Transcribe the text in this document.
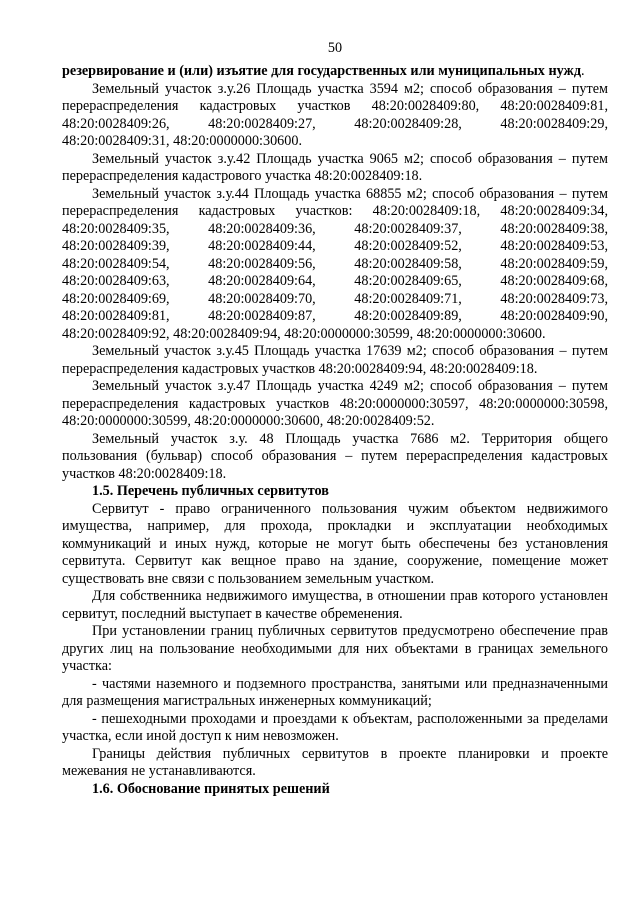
50

резервирование и (или) изъятие для государственных или муниципальных нужд.

Земельный участок з.у.26 Площадь участка 3594 м2; способ образования – путем перераспределения кадастровых участков 48:20:0028409:80, 48:20:0028409:81, 48:20:0028409:26, 48:20:0028409:27, 48:20:0028409:28, 48:20:0028409:29, 48:20:0028409:31, 48:20:0000000:30600.

Земельный участок з.у.42 Площадь участка 9065 м2; способ образования – путем перераспределения кадастрового участка 48:20:0028409:18.

Земельный участок з.у.44 Площадь участка 68855 м2; способ образования – путем перераспределения кадастровых участков: 48:20:0028409:18, 48:20:0028409:34, 48:20:0028409:35, 48:20:0028409:36, 48:20:0028409:37, 48:20:0028409:38, 48:20:0028409:39, 48:20:0028409:44, 48:20:0028409:52, 48:20:0028409:53, 48:20:0028409:54, 48:20:0028409:56, 48:20:0028409:58, 48:20:0028409:59, 48:20:0028409:63, 48:20:0028409:64, 48:20:0028409:65, 48:20:0028409:68, 48:20:0028409:69, 48:20:0028409:70, 48:20:0028409:71, 48:20:0028409:73, 48:20:0028409:81, 48:20:0028409:87, 48:20:0028409:89, 48:20:0028409:90, 48:20:0028409:92, 48:20:0028409:94, 48:20:0000000:30599, 48:20:0000000:30600.

Земельный участок з.у.45 Площадь участка 17639 м2; способ образования – путем перераспределения кадастровых участков 48:20:0028409:94, 48:20:0028409:18.

Земельный участок з.у.47 Площадь участка 4249 м2; способ образования – путем перераспределения кадастровых участков 48:20:0000000:30597, 48:20:0000000:30598, 48:20:0000000:30599, 48:20:0000000:30600, 48:20:0028409:52.

Земельный участок з.у. 48 Площадь участка 7686 м2. Территория общего пользования (бульвар) способ образования – путем перераспределения кадастровых участков 48:20:0028409:18.

1.5. Перечень публичных сервитутов

Сервитут - право ограниченного пользования чужим объектом недвижимого имущества, например, для прохода, прокладки и эксплуатации необходимых коммуникаций и иных нужд, которые не могут быть обеспечены без установления сервитута. Сервитут как вещное право на здание, сооружение, помещение может существовать вне связи с пользованием земельным участком.

Для собственника недвижимого имущества, в отношении прав которого установлен сервитут, последний выступает в качестве обременения.

При установлении границ публичных сервитутов предусмотрено обеспечение прав других лиц на пользование необходимыми для них объектами в границах земельного участка:

- частями наземного и подземного пространства, занятыми или предназначенными для размещения магистральных инженерных коммуникаций;

- пешеходными проходами и проездами к объектам, расположенными за пределами участка, если иной доступ к ним невозможен.

Границы действия публичных сервитутов в проекте планировки и проекте межевания не устанавливаются.

1.6. Обоснование принятых решений
